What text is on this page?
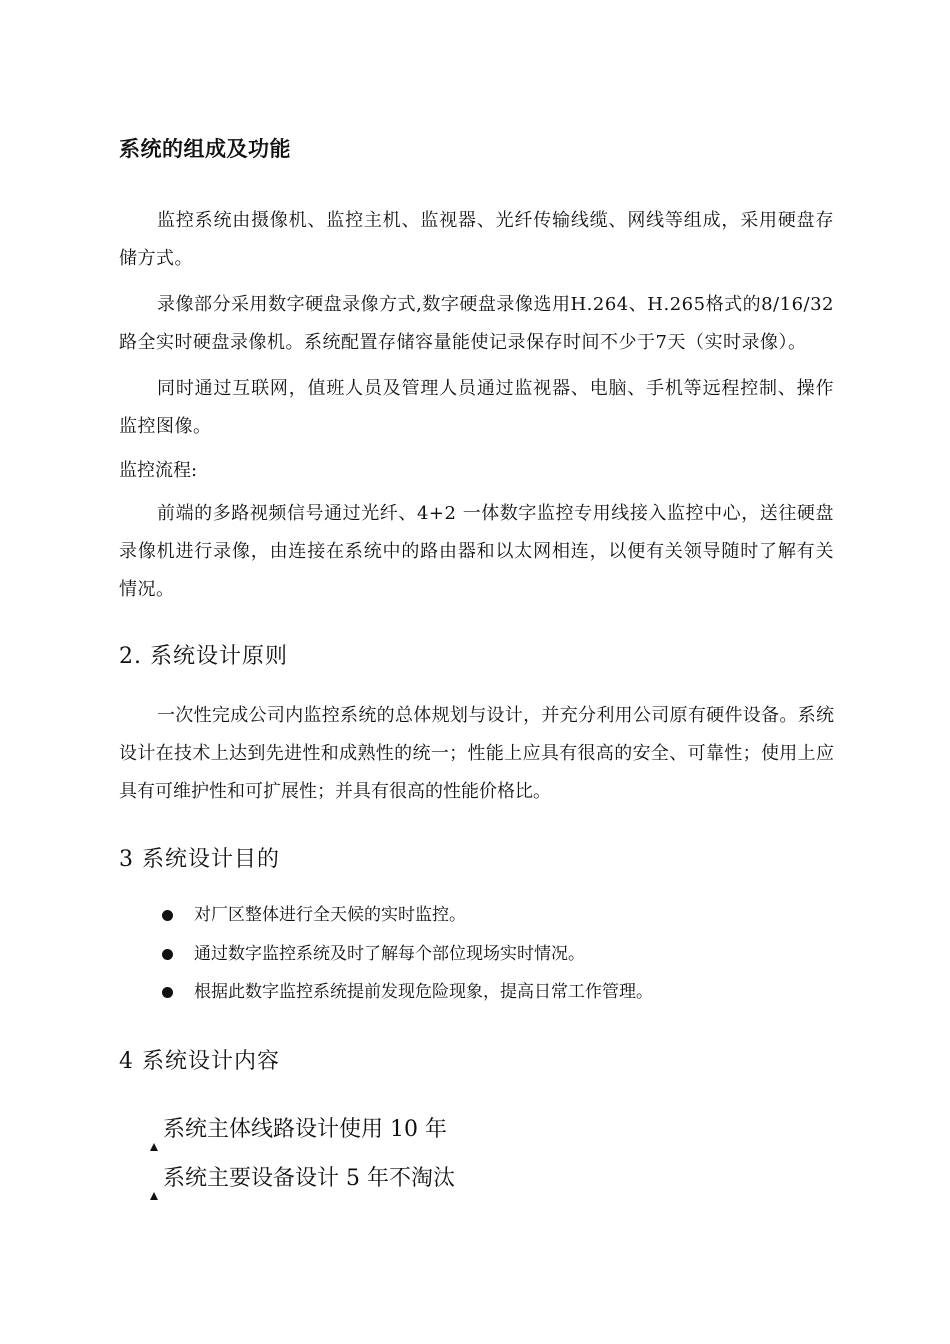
系统的组成及功能
监控系统由摄像机、监控主机、监视器、光纤传输线缆、网线等组成，采用硬盘存储方式。
录像部分采用数字硬盘录像方式,数字硬盘录像选用H.264、H.265格式的8/16/32路全实时硬盘录像机。系统配置存储容量能使记录保存时间不少于7天（实时录像）。
同时通过互联网，值班人员及管理人员通过监视器、电脑、手机等远程控制、操作监控图像。
监控流程:
前端的多路视频信号通过光纤、4+2 一体数字监控专用线接入监控中心，送往硬盘录像机进行录像，由连接在系统中的路由器和以太网相连，以便有关领导随时了解有关情况。
2. 系统设计原则
一次性完成公司内监控系统的总体规划与设计，并充分利用公司原有硬件设备。系统设计在技术上达到先进性和成熟性的统一；性能上应具有很高的安全、可靠性；使用上应具有可维护性和可扩展性；并具有很高的性能价格比。
3 系统设计目的
对厂区整体进行全天候的实时监控。
通过数字监控系统及时了解每个部位现场实时情况。
根据此数字监控系统提前发现危险现象，提高日常工作管理。
4 系统设计内容
系统主体线路设计使用 10 年
系统主要设备设计 5 年不淘汰
